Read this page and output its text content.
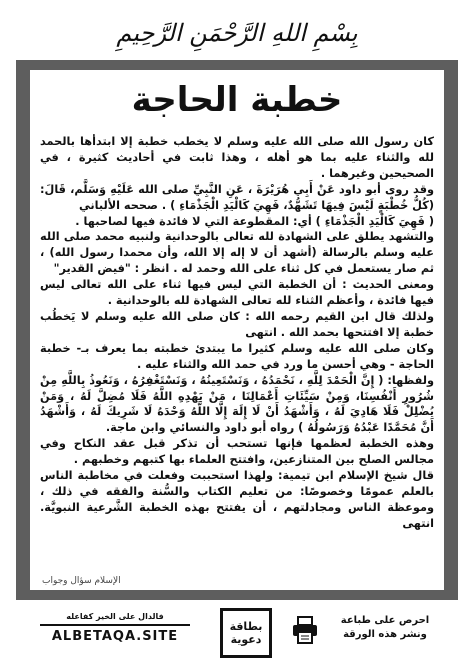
بِسْمِ اللهِ الرَّحْمَنِ الرَّحِيمِ
خطبة الحاجة

كان رسول الله صلى الله عليه وسلم لا يخطب خطبة إلا ابتدأها بالحمد لله والثناء عليه بما هو أهله ، وهذا ثابت في أحاديث كثيرة ، في الصحيحين وغيرهما .

وقد روى أبو داود عَنْ أَبِي هُرَيْرَةَ ، عَنِ النَّبِيِّ صلى الله عَلَيْهِ وَسَلَّم، قَالَ: (كُلُّ خُطْبَةٍ لَيْسَ فِيهَا تَشَهُّدٌ، فَهِيَ كَالْيَدِ الْجَذْمَاءِ ) . صححه الألباني

( فَهِيَ كَالْيَدِ الْجَذْمَاءِ ) أي: المقطوعة التي لا فائدة فيها لصاحبها .

والتشهد يطلق على الشهادة لله تعالى بالوحدانية ولنبيه محمد صلى الله عليه وسلم بالرسالة (أشهد أن لا إله إلا الله، وأن محمدا رسول الله) ، ثم صار يستعمل في كل ثناء على الله وحمد له . انظر : "فيض القدير"

ومعنى الحديث : أن الخطبة التي ليس فيها ثناء على الله تعالى ليس فيها فائدة ، وأعظم الثناء لله تعالى الشهادة لله بالوحدانية .

ولذلك قال ابن القيم رحمه الله : كان صلى الله عليه وسلم لا يَخطُب خطبة إلا افتتحها بحمد الله . انتهى

وكان صلى الله عليه وسلم كثيرا ما يبتدئ خطبته بما يعرف بـ- خطبة الحاجة - وهي أحسن ما ورد في حمد الله والثناء عليه .

ولفظها: ( إِنَّ الْحَمْدَ لِلَّهِ ، نَحْمَدُهُ ، وَنَسْتَعِينُهُ ، وَنَسْتَغْفِرُهُ ، وَنَعُوذُ بِاللَّهِ مِنْ شُرُورِ أَنْفُسِنَا، وَمِنْ سَيِّئَاتِ أَعْمَالِنَا ، مَنْ يَهْدِهِ اللَّهُ فَلَا مُضِلَّ لَهُ ، وَمَنْ يُضْلِلْ فَلَا هَادِيَ لَهُ ، وَأَشْهَدُ أَنْ لَا إِلَهَ إِلَّا اللَّهُ وَحْدَهُ لَا شَرِيكَ لَهُ ، وَأَشْهَدُ أَنَّ مُحَمَّدًا عَبْدُهُ وَرَسُولُهُ ) رواه أبو داود والنسائي وابن ماجة.

وهذه الخطبة لعظمها فإنها تستحب أن تذكر قبل عقد النكاح وفي مجالس الصلح بين المتنازعين، وافتتح العلماء بها كتبهم وخطبهم .

قال شيخ الإسلام ابن تيمية: ولهذا استحببت وفعلت في مخاطبة الناس بالعلم عمومًا وخصوصًا: من تعليم الكتاب والسُّنة والفقه في ذلك ، وموعظة الناس ومجادلتهم ، أن يفتتح بهذه الخطبة الشَّرعية النبويَّة. انتهى

الإسلام سؤال وجواب
فالدال على الخير كفاعله
ALBETAQA.SITE
بطاقة
دعوية
احرص على طباعة
ونشر هذه الورقة
